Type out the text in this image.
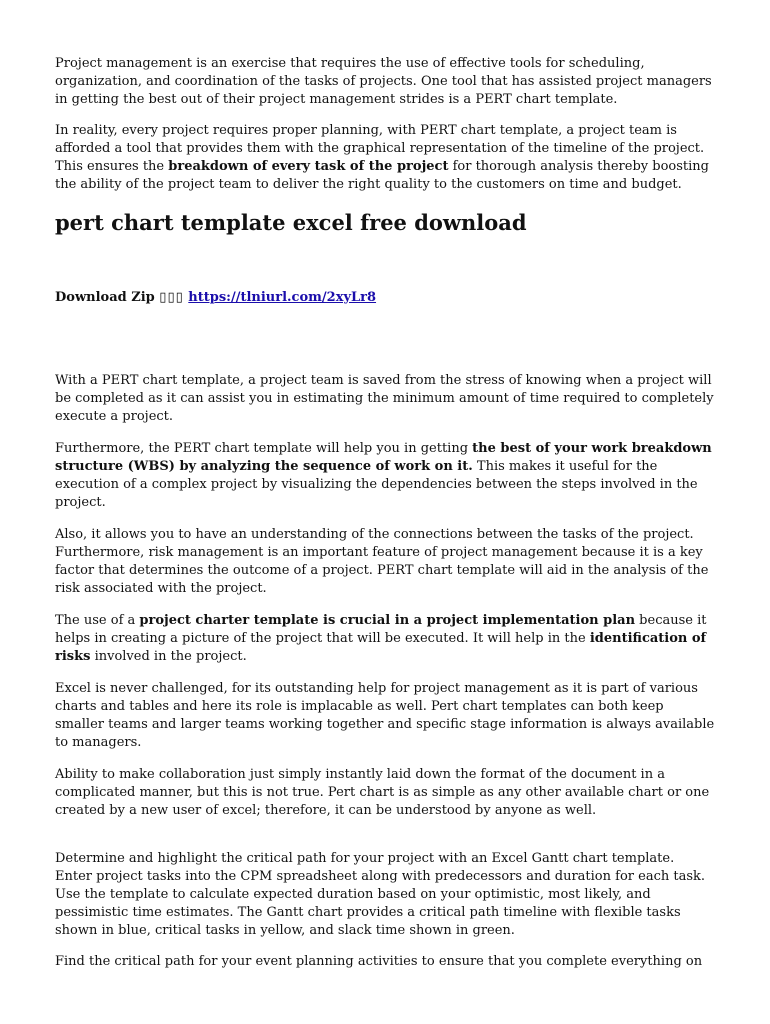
Project management is an exercise that requires the use of effective tools for scheduling, organization, and coordination of the tasks of projects. One tool that has assisted project managers in getting the best out of their project management strides is a PERT chart template.

In reality, every project requires proper planning, with PERT chart template, a project team is afforded a tool that provides them with the graphical representation of the timeline of the project. This ensures the breakdown of every task of the project for thorough analysis thereby boosting the ability of the project team to deliver the right quality to the customers on time and budget.

pert chart template excel free download
Download Zip ▯▯▯ https://tlniurl.com/2xyLr8

With a PERT chart template, a project team is saved from the stress of knowing when a project will be completed as it can assist you in estimating the minimum amount of time required to completely execute a project.

Furthermore, the PERT chart template will help you in getting the best of your work breakdown structure (WBS) by analyzing the sequence of work on it. This makes it useful for the execution of a complex project by visualizing the dependencies between the steps involved in the project.

Also, it allows you to have an understanding of the connections between the tasks of the project. Furthermore, risk management is an important feature of project management because it is a key factor that determines the outcome of a project. PERT chart template will aid in the analysis of the risk associated with the project.

The use of a project charter template is crucial in a project implementation plan because it helps in creating a picture of the project that will be executed. It will help in the identification of risks involved in the project.

Excel is never challenged, for its outstanding help for project management as it is part of various charts and tables and here its role is implacable as well. Pert chart templates can both keep smaller teams and larger teams working together and specific stage information is always available to managers.

Ability to make collaboration just simply instantly laid down the format of the document in a complicated manner, but this is not true. Pert chart is as simple as any other available chart or one created by a new user of excel; therefore, it can be understood by anyone as well.

Determine and highlight the critical path for your project with an Excel Gantt chart template. Enter project tasks into the CPM spreadsheet along with predecessors and duration for each task. Use the template to calculate expected duration based on your optimistic, most likely, and pessimistic time estimates. The Gantt chart provides a critical path timeline with flexible tasks shown in blue, critical tasks in yellow, and slack time shown in green.

Find the critical path for your event planning activities to ensure that you complete everything on
